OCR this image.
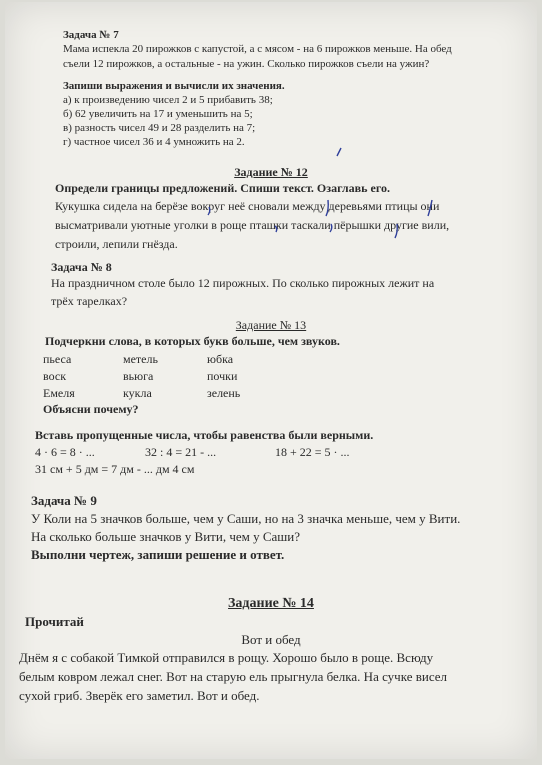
Задача № 7
Мама испекла 20 пирожков с капустой, а с мясом - на 6 пирожков меньше. На обед
съели 12 пирожков, а остальные - на ужин. Сколько пирожков съели на ужин?
Запиши выражения и вычисли их значения.
а) к произведению чисел 2 и 5 прибавить 38;
б) 62 увеличить на 17 и уменьшить на 5;
в) разность чисел 49 и 28 разделить на 7;
г) частное чисел 36 и 4 умножить на 2.
Задание № 12
Определи границы предложений. Спиши текст. Озаглавь его.
Кукушка сидела на берёзе вокруг неё сновали между деревьями птицы они
высматривали уютные уголки в роще пташки таскали пёрышки другие вили,
строили, лепили гнёзда.
Задача № 8
На праздничном столе было 12 пирожных. По сколько пирожных лежит на
трёх тарелках?
Задание № 13
Подчеркни слова, в которых букв больше, чем звуков.
пьеса
воск
Емеля
метель
вьюга
кукла
юбка
почки
зелень
Объясни почему?
Вставь пропущенные числа, чтобы равенства были верными.
4 · 6 = 8 · ...	32 : 4 = 21 - ...	18 + 22 = 5 · ...
31 см + 5 дм = 7 дм - ... дм 4 см
Задача № 9
У Коли на 5 значков больше, чем у Саши, но на 3 значка меньше, чем у Вити.
На сколько больше значков у Вити, чем у Саши?
Выполни чертеж, запиши решение и ответ.
Задание № 14
Прочитай
Вот и обед
Днём я с собакой Тимкой отправился в рощу. Хорошо было в роще. Всюду
белым ковром лежал снег. Вот на старую ель прыгнула белка. На сучке висел
сухой гриб. Зверёк его заметил. Вот и обед.
